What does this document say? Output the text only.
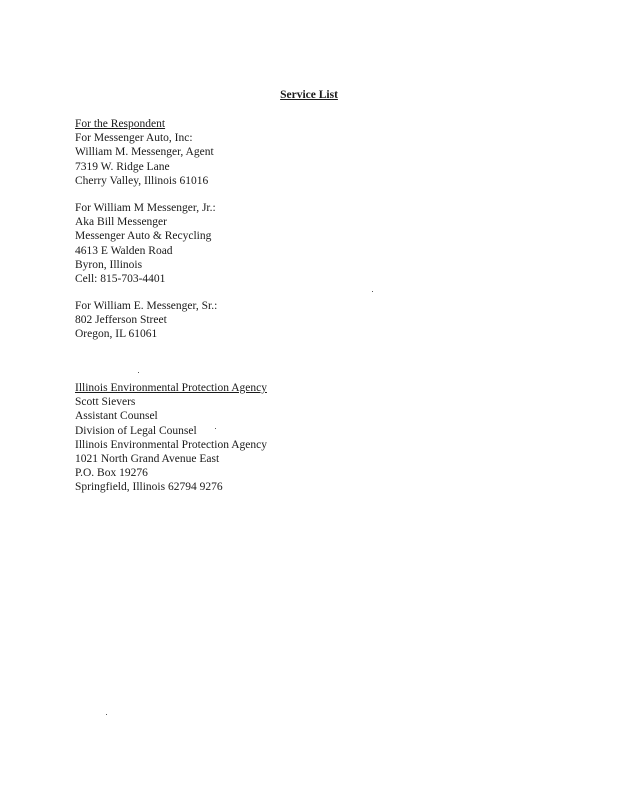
Service List
For the Respondent
For Messenger Auto, Inc:
William M. Messenger, Agent
7319 W. Ridge Lane
Cherry Valley, Illinois 61016
For William M Messenger, Jr.:
Aka Bill Messenger
Messenger Auto & Recycling
4613 E Walden Road
Byron, Illinois
Cell: 815-703-4401
For William E. Messenger, Sr.:
802 Jefferson Street
Oregon, IL 61061
Illinois Environmental Protection Agency
Scott Sievers
Assistant Counsel
Division of Legal Counsel
Illinois Environmental Protection Agency
1021 North Grand Avenue East
P.O. Box 19276
Springfield, Illinois 62794 9276
